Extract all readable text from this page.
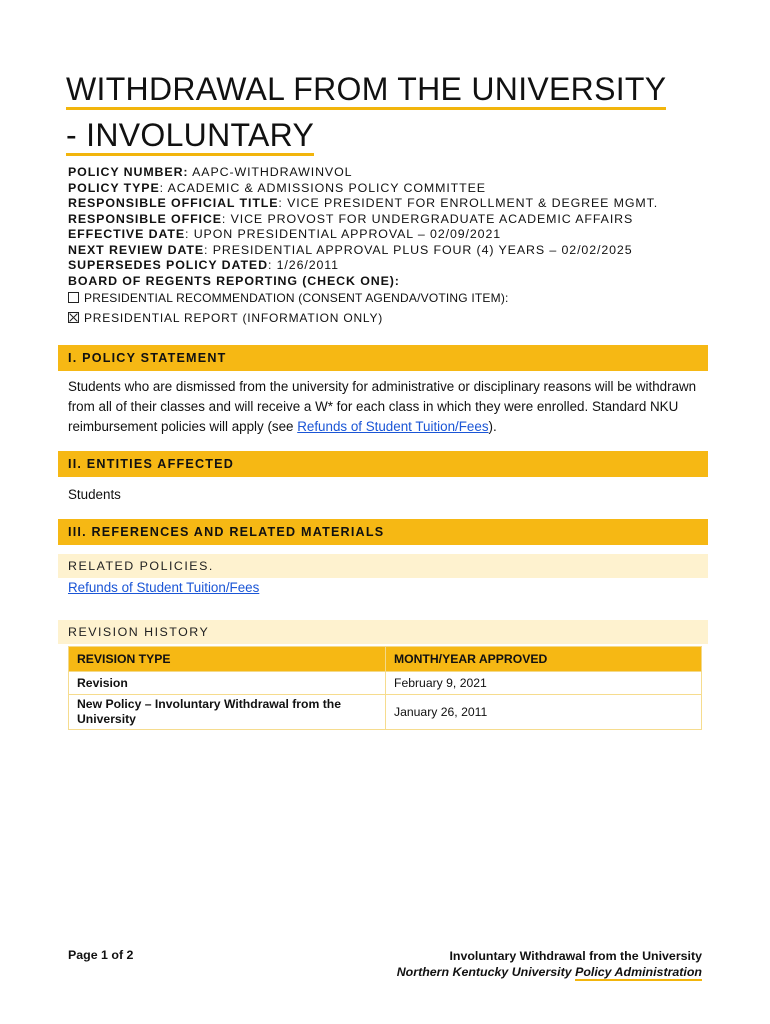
WITHDRAWAL FROM THE UNIVERSITY
- INVOLUNTARY
POLICY NUMBER: AAPC-WITHDRAWINVOL
POLICY TYPE: ACADEMIC & ADMISSIONS POLICY COMMITTEE
RESPONSIBLE OFFICIAL TITLE: VICE PRESIDENT FOR ENROLLMENT & DEGREE MGMT.
RESPONSIBLE OFFICE: VICE PROVOST FOR UNDERGRADUATE ACADEMIC AFFAIRS
EFFECTIVE DATE: UPON PRESIDENTIAL APPROVAL – 02/09/2021
NEXT REVIEW DATE: PRESIDENTIAL APPROVAL PLUS FOUR (4) YEARS – 02/02/2025
SUPERSEDES POLICY DATED: 1/26/2011
BOARD OF REGENTS REPORTING (CHECK ONE):
PRESIDENTIAL RECOMMENDATION (CONSENT AGENDA/VOTING ITEM):
PRESIDENTIAL REPORT (INFORMATION ONLY)
I. POLICY STATEMENT

Students who are dismissed from the university for administrative or disciplinary reasons will be withdrawn from all of their classes and will receive a W* for each class in which they were enrolled. Standard NKU reimbursement policies will apply (see Refunds of Student Tuition/Fees).

II. ENTITIES AFFECTED

Students

III. REFERENCES AND RELATED MATERIALS
RELATED POLICIES.

Refunds of Student Tuition/Fees

REVISION HISTORY
REVISION TYPE	MONTH/YEAR APPROVED
Revision	February 9, 2021
New Policy – Involuntary Withdrawal from the University	January 26, 2011
Page 1 of 2	Involuntary Withdrawal from the University
Northern Kentucky University Policy Administration
